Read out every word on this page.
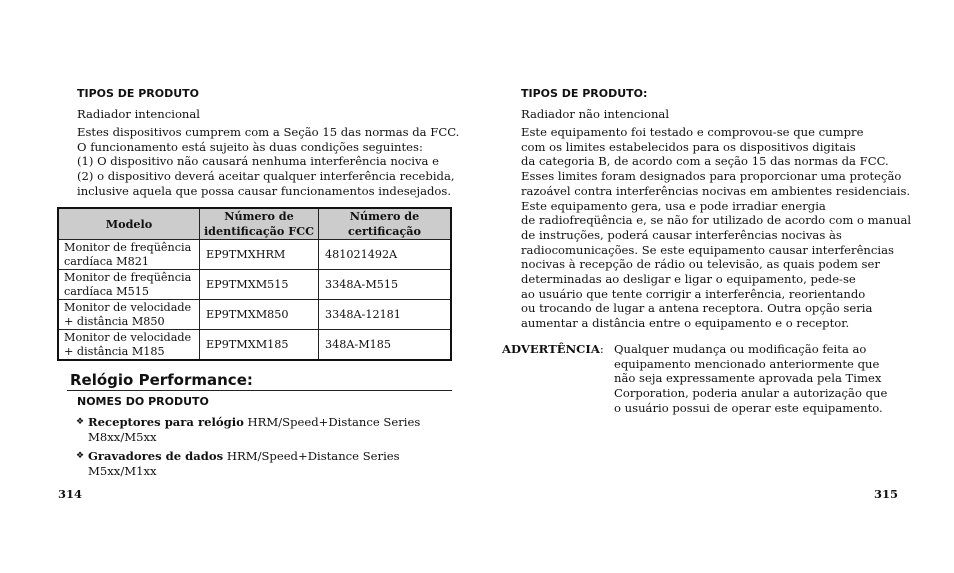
TIPOS DE PRODUTO
Radiador intencional
Estes dispositivos cumprem com a Seção 15 das normas da FCC.
O funcionamento está sujeito às duas condições seguintes:
(1) O dispositivo não causará nenhuma interferência nociva e
(2) o dispositivo deverá aceitar qualquer interferência recebida,
inclusive aquela que possa causar funcionamentos indesejados.
Modelo	Número de identificação FCC	Número de certificação
Monitor de freqüência cardíaca M821	EP9TMXHRM	481021492A
Monitor de freqüência cardíaca M515	EP9TMXM515	3348A-M515
Monitor de velocidade + distância M850	EP9TMXM850	3348A-12181
Monitor de velocidade + distância M185	EP9TMXM185	348A-M185
Relógio Performance:
NOMES DO PRODUTO
❖ Receptores para relógio HRM/Speed+Distance Series
M8xx/M5xx
❖ Gravadores de dados HRM/Speed+Distance Series
M5xx/M1xx
314
TIPOS DE PRODUTO:
Radiador não intencional
Este equipamento foi testado e comprovou-se que cumpre
com os limites estabelecidos para os dispositivos digitais
da categoria B, de acordo com a seção 15 das normas da FCC.
Esses limites foram designados para proporcionar uma proteção
razoável contra interferências nocivas em ambientes residenciais.
Este equipamento gera, usa e pode irradiar energia
de radiofreqüência e, se não for utilizado de acordo com o manual
de instruções, poderá causar interferências nocivas às
radiocomunicações. Se este equipamento causar interferências
nocivas à recepção de rádio ou televisão, as quais podem ser
determinadas ao desligar e ligar o equipamento, pede-se
ao usuário que tente corrigir a interferência, reorientando
ou trocando de lugar a antena receptora. Outra opção seria
aumentar a distância entre o equipamento e o receptor.
ADVERTÊNCIA: Qualquer mudança ou modificação feita ao
equipamento mencionado anteriormente que
não seja expressamente aprovada pela Timex
Corporation, poderia anular a autorização que
o usuário possui de operar este equipamento.
315
